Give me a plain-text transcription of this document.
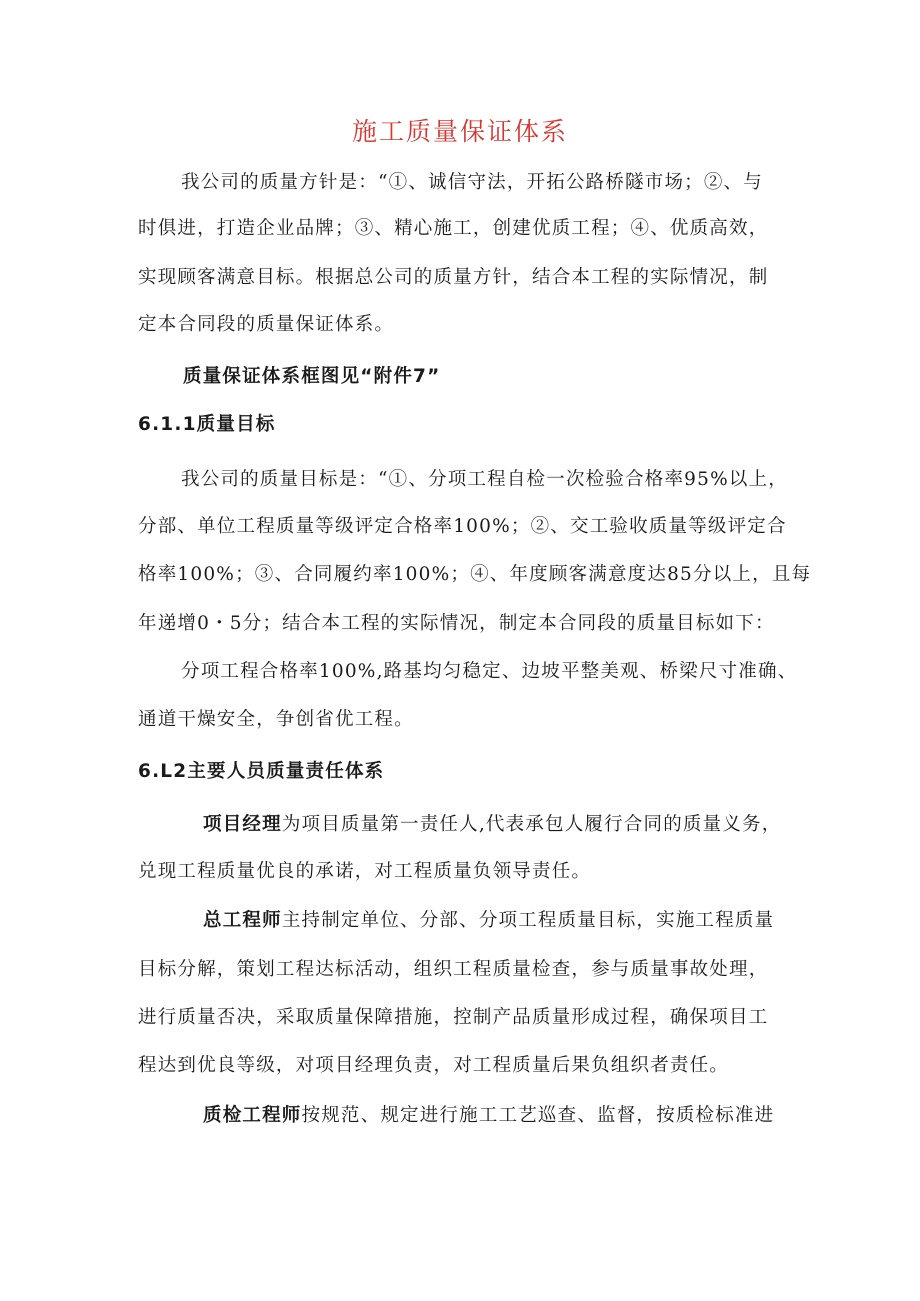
施工质量保证体系
我公司的质量方针是：“①、诚信守法，开拓公路桥隧市场；②、与
时俱进，打造企业品牌；③、精心施工，创建优质工程；④、优质高效，
实现顾客满意目标。根据总公司的质量方针，结合本工程的实际情况，制
定本合同段的质量保证体系。
质量保证体系框图见“附件7”
6.1.1质量目标
我公司的质量目标是：“①、分项工程自检一次检验合格率95%以上，
分部、单位工程质量等级评定合格率100%；②、交工验收质量等级评定合
格率100%；③、合同履约率100%；④、年度顾客满意度达85分以上，且每
年递增0・5分；结合本工程的实际情况，制定本合同段的质量目标如下：
分项工程合格率100%,路基均匀稳定、边坡平整美观、桥梁尺寸准确、
通道干燥安全，争创省优工程。
6.L2主要人员质量责任体系
项目经理为项目质量第一责任人,代表承包人履行合同的质量义务，
兑现工程质量优良的承诺，对工程质量负领导责任。
总工程师主持制定单位、分部、分项工程质量目标，实施工程质量
目标分解，策划工程达标活动，组织工程质量检查，参与质量事故处理，
进行质量否决，采取质量保障措施，控制产品质量形成过程，确保项目工
程达到优良等级，对项目经理负责，对工程质量后果负组织者责任。
质检工程师按规范、规定进行施工工艺巡查、监督，按质检标准进
